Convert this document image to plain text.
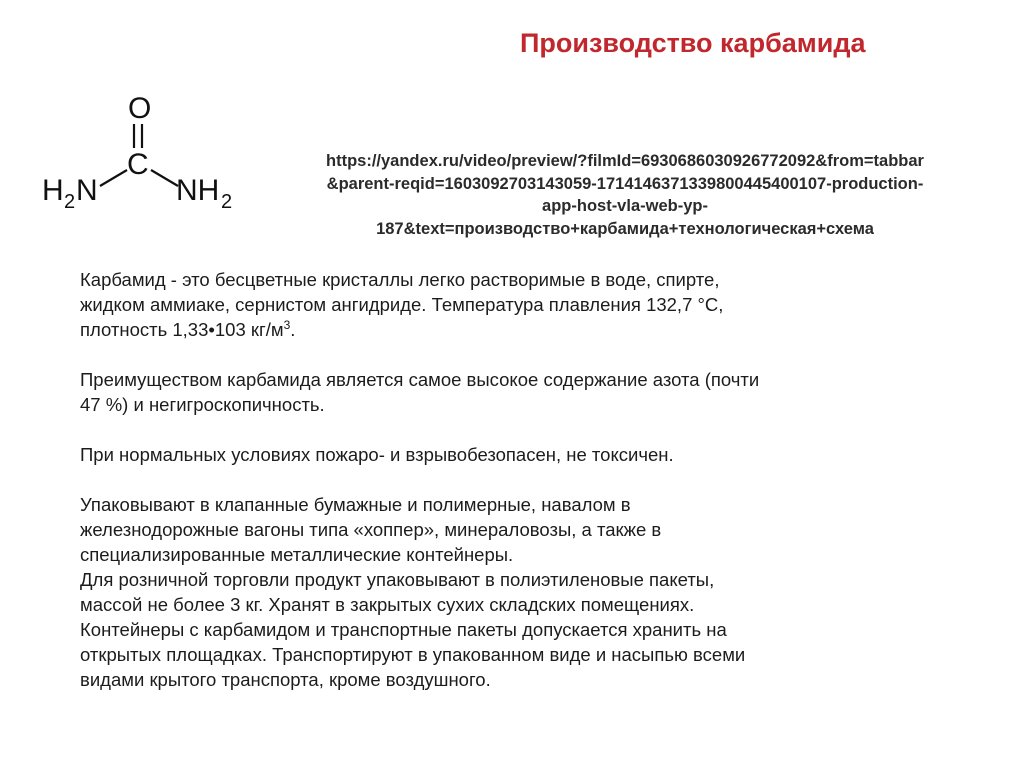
Производство карбамида
O
C
H 2 N	NH 2
https://yandex.ru/video/preview/?filmId=6930686030926772092&from=tabbar
&parent-reqid=1603092703143059-1714146371339800445400107-production-
app-host-vla-web-yp-
187&text=производство+карбамида+технологическая+схема
Карбамид - это бесцветные кристаллы легко растворимые в воде, спирте,
жидком аммиаке, сернистом ангидриде. Температура плавления 132,7 °С,
плотность 1,33•103 $кг/м^3$.
Преимуществом карбамида является самое высокое содержание азота (почти
47 %) и негигроскопичность.
При нормальных условиях пожаро- и взрывобезопасен, не токсичен.
Упаковывают в клапанные бумажные и полимерные, навалом в
железнодорожные вагоны типа «хоппер», минераловозы, а также в
специализированные металлические контейнеры.
Для розничной торговли продукт упаковывают в полиэтиленовые пакеты,
массой не более 3 кг. Хранят в закрытых сухих складских помещениях.
Контейнеры с карбамидом и транспортные пакеты допускается хранить на
открытых площадках. Транспортируют в упакованном виде и насыпью всеми
видами крытого транспорта, кроме воздушного.
